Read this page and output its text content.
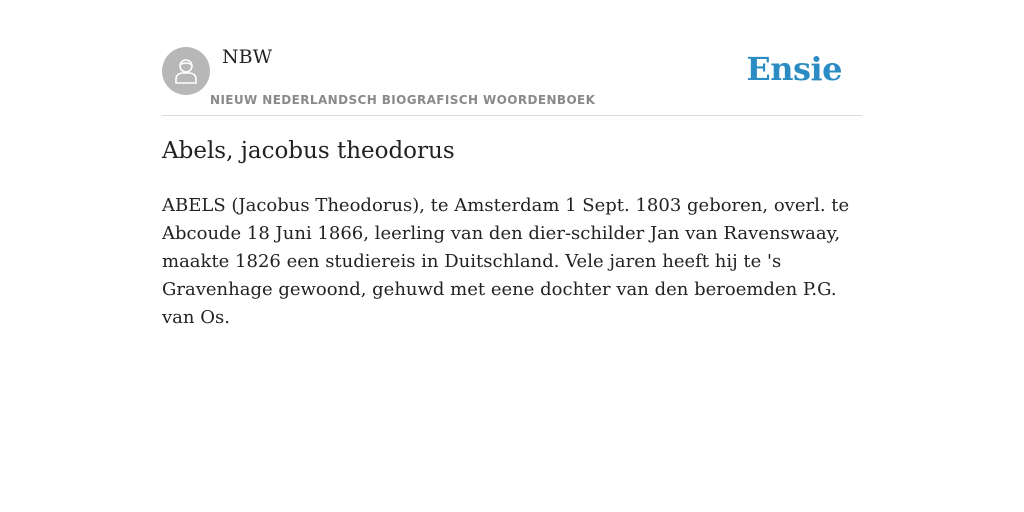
NBW
NIEUW NEDERLANDSCH BIOGRAFISCH WOORDENBOEK
Ensie
Abels, jacobus theodorus

ABELS (Jacobus Theodorus), te Amsterdam 1 Sept. 1803 geboren, overl. te Abcoude 18 Juni 1866, leerling van den dier-schilder Jan van Ravenswaay, maakte 1826 een studiereis in Duitschland. Vele jaren heeft hij te 's Gravenhage gewoond, gehuwd met eene dochter van den beroemden P.G. van Os.
